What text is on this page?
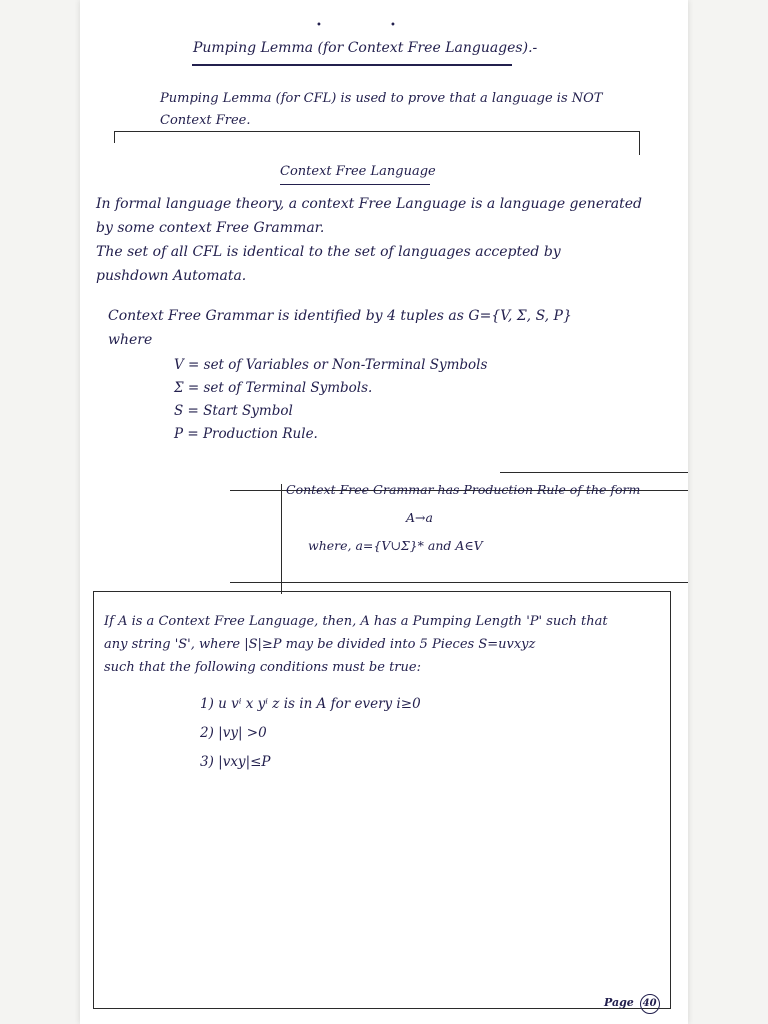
•	•
Pumping Lemma (for Context Free Languages).-
Pumping Lemma (for CFL) is used to prove that a language is NOT
Context Free.
Context Free Language
In formal language theory, a context Free Language is a language generated
by some context Free Grammar.
The set of all CFL is identical to the set of languages accepted by
pushdown Automata.
Context Free Grammar is identified by 4 tuples as G={V, Σ, S, P}
where
V = set of Variables or Non-Terminal Symbols
Σ = set of Terminal Symbols.
S = Start Symbol
P = Production Rule.
Context Free Grammar has Production Rule of the form
A→a
where, a={V∪Σ}* and A∈V
If A is a Context Free Language, then, A has a Pumping Length 'P' such that
any string 'S', where |S|≥P may be divided into 5 Pieces S=uvxyz
such that the following conditions must be true:
1) u vⁱ x yⁱ z is in A for every i≥0
2) |vy| >0
3) |vxy|≤P
Page 40
